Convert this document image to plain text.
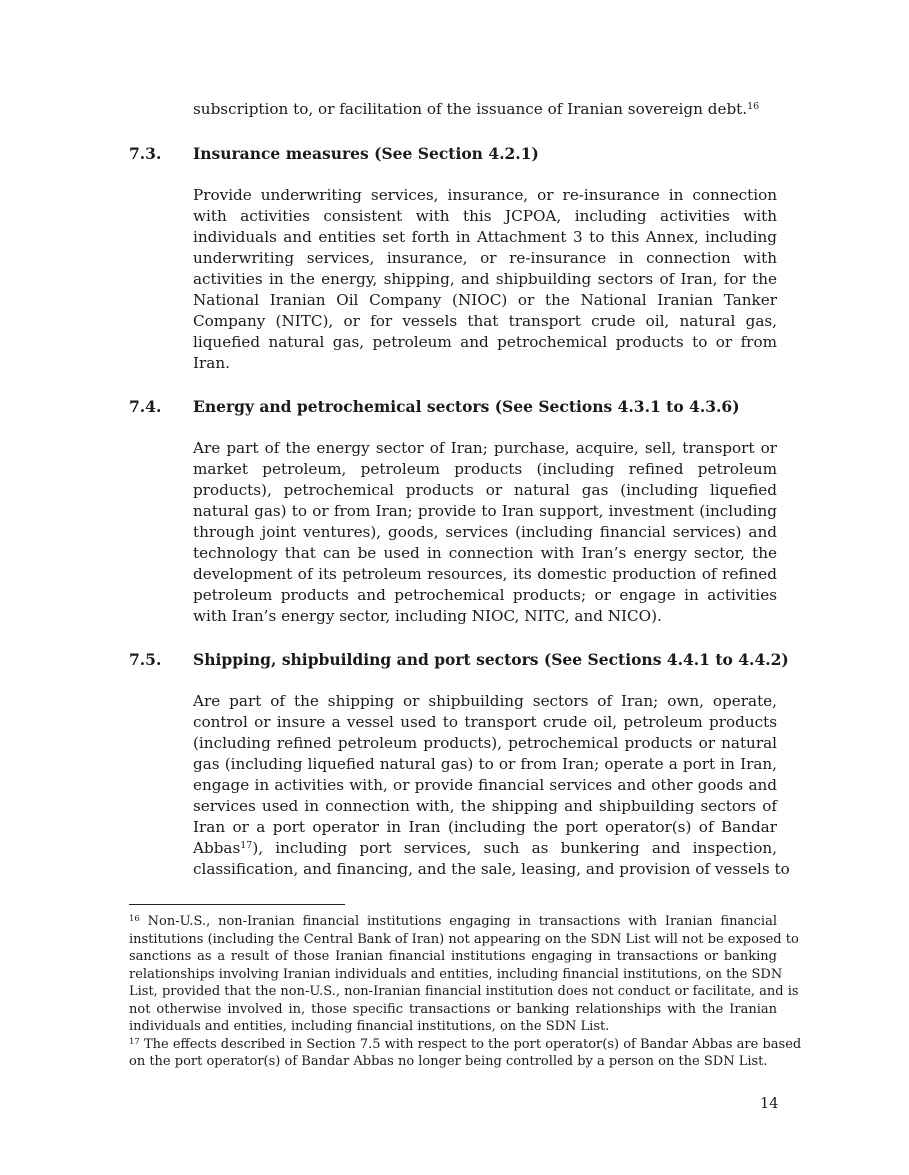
subscription to, or facilitation of the issuance of Iranian sovereign debt.$^{16}$

7.3. Insurance measures (See Section 4.2.1)
Provide underwriting services, insurance, or re-insurance in connection
with activities consistent with this JCPOA, including activities with
individuals and entities set forth in Attachment 3 to this Annex, including
underwriting services, insurance, or re-insurance in connection with
activities in the energy, shipping, and shipbuilding sectors of Iran, for the
National Iranian Oil Company (NIOC) or the National Iranian Tanker
Company (NITC), or for vessels that transport crude oil, natural gas,
liquefied natural gas, petroleum and petrochemical products to or from
Iran.
7.4. Energy and petrochemical sectors (See Sections 4.3.1 to 4.3.6)
Are part of the energy sector of Iran; purchase, acquire, sell, transport or
market petroleum, petroleum products (including refined petroleum
products), petrochemical products or natural gas (including liquefied
natural gas) to or from Iran; provide to Iran support, investment (including
through joint ventures), goods, services (including financial services) and
technology that can be used in connection with Iran’s energy sector, the
development of its petroleum resources, its domestic production of refined
petroleum products and petrochemical products; or engage in activities
with Iran’s energy sector, including NIOC, NITC, and NICO).
7.5. Shipping, shipbuilding and port sectors (See Sections 4.4.1 to 4.4.2)
Are part of the shipping or shipbuilding sectors of Iran; own, operate,
control or insure a vessel used to transport crude oil, petroleum products
(including refined petroleum products), petrochemical products or natural
gas (including liquefied natural gas) to or from Iran; operate a port in Iran,
engage in activities with, or provide financial services and other goods and
services used in connection with, the shipping and shipbuilding sectors of
Iran or a port operator in Iran (including the port operator(s) of Bandar
Abbas$^{17}$), including port services, such as bunkering and inspection,
classification, and financing, and the sale, leasing, and provision of vessels to
$^{16}$ Non-U.S., non-Iranian financial institutions engaging in transactions with Iranian financial
institutions (including the Central Bank of Iran) not appearing on the SDN List will not be exposed to
sanctions as a result of those Iranian financial institutions engaging in transactions or banking
relationships involving Iranian individuals and entities, including financial institutions, on the SDN
List, provided that the non-U.S., non-Iranian financial institution does not conduct or facilitate, and is
not otherwise involved in, those specific transactions or banking relationships with the Iranian
individuals and entities, including financial institutions, on the SDN List.
$^{17}$ The effects described in Section 7.5 with respect to the port operator(s) of Bandar Abbas are based
on the port operator(s) of Bandar Abbas no longer being controlled by a person on the SDN List.
14
